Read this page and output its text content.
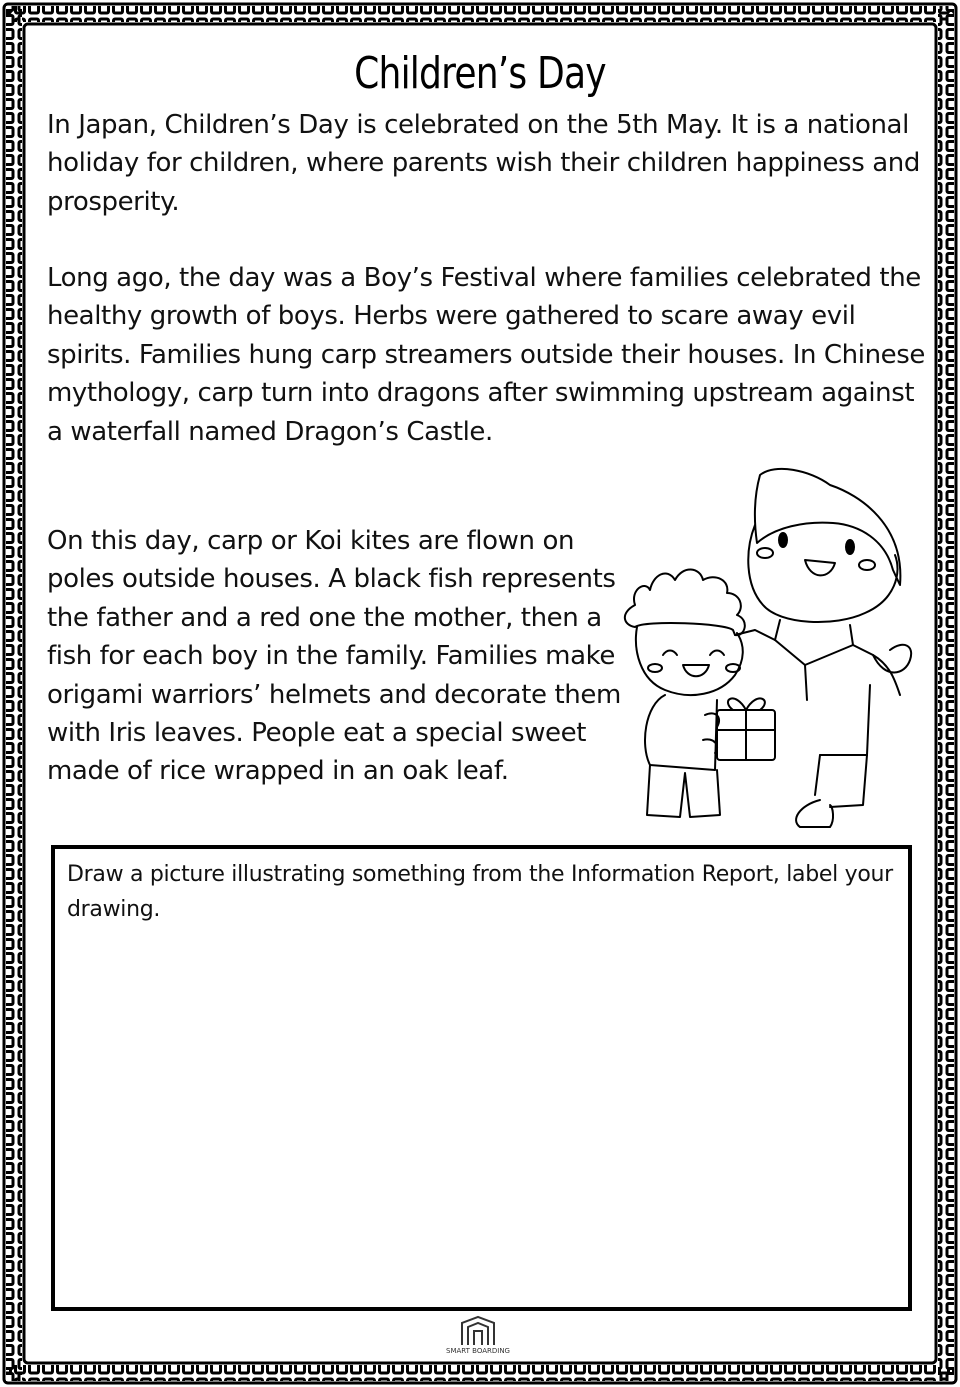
Children’s Day

In Japan, Children’s Day is celebrated on the 5th May. It is a national holiday for children, where parents wish their children happiness and prosperity.

Long ago, the day was a Boy’s Festival where families celebrated the healthy growth of boys. Herbs were gathered to scare away evil spirits. Families hung carp streamers outside their houses. In Chinese mythology, carp turn into dragons after swimming upstream against a waterfall named Dragon’s Castle.

On this day, carp or Koi kites are flown on poles outside houses. A black fish represents the father and a red one the mother, then a fish for each boy in the family. Families make origami warriors’ helmets and decorate them with Iris leaves. People eat a special sweet made of rice wrapped in an oak leaf.

Draw a picture illustrating something from the Information Report, label your drawing.

SMART BOARDING
